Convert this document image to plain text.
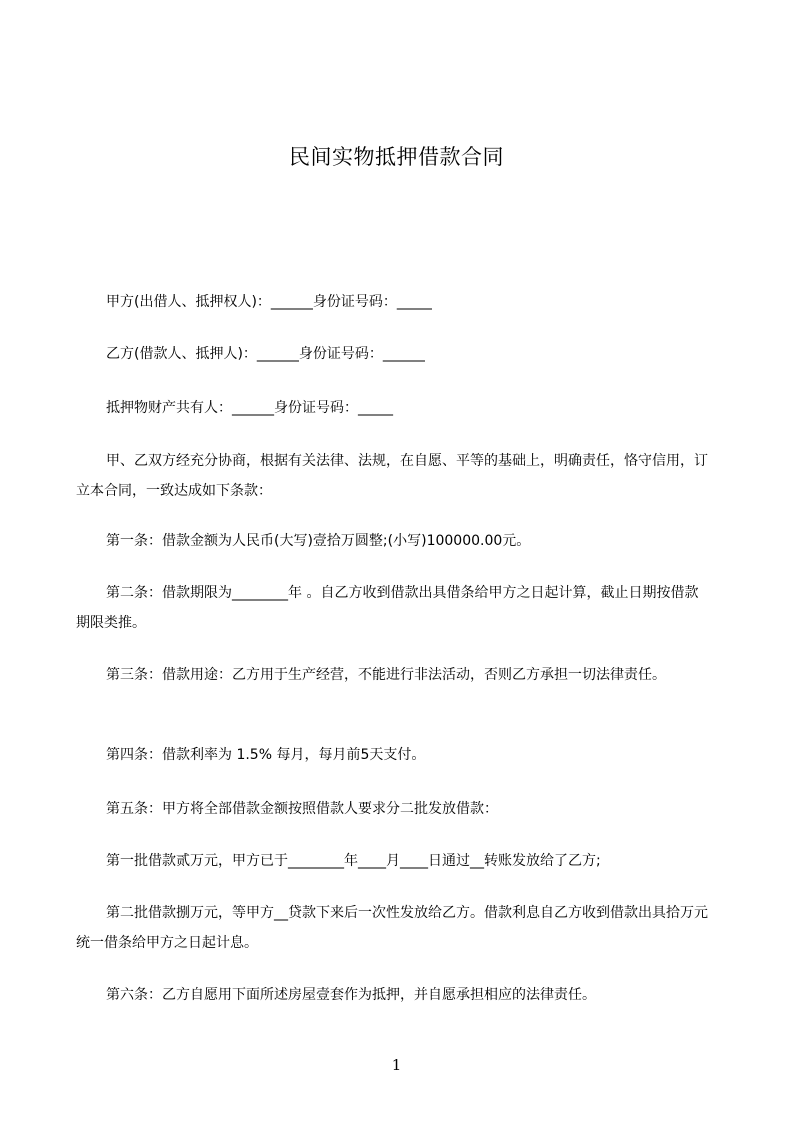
民间实物抵押借款合同
甲方(出借人、抵押权人)：______身份证号码：_____
乙方(借款人、抵押人)：______身份证号码：______
抵押物财产共有人：______身份证号码：_____
甲、乙双方经充分协商，根据有关法律、法规，在自愿、平等的基础上，明确责任，恪守信用，订立本合同，一致达成如下条款：
第一条：借款金额为人民币(大写)壹拾万圆整;(小写)100000.00元。
第二条：借款期限为________年 。自乙方收到借款出具借条给甲方之日起计算，截止日期按借款期限类推。
第三条：借款用途：乙方用于生产经营，不能进行非法活动，否则乙方承担一切法律责任。
第四条：借款利率为 1.5% 每月，每月前5天支付。
第五条：甲方将全部借款金额按照借款人要求分二批发放借款：
第一批借款贰万元，甲方已于________年____月____日通过__转账发放给了乙方;
第二批借款捌万元，等甲方__贷款下来后一次性发放给乙方。借款利息自乙方收到借款出具拾万元统一借条给甲方之日起计息。
第六条：乙方自愿用下面所述房屋壹套作为抵押，并自愿承担相应的法律责任。
1
